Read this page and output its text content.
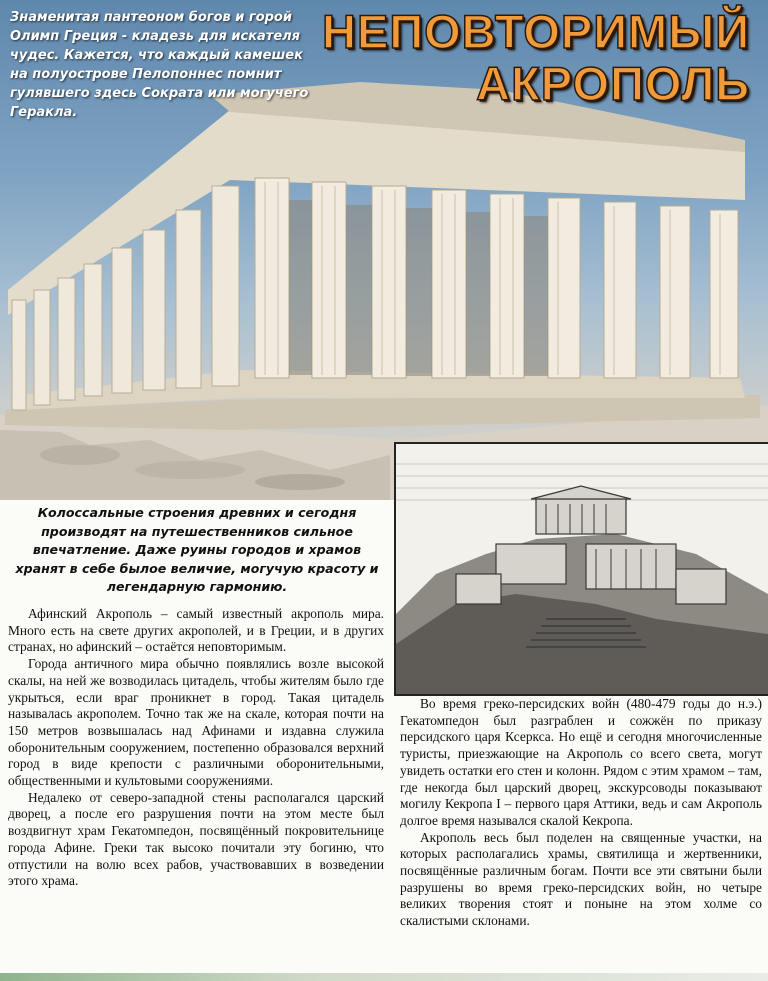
Знаменитая пантеоном богов и горой Олимп Греция - кладезь для искателя чудес. Кажется, что каждый камешек на полуострове Пелопоннес помнит гулявшего здесь Сократа или могучего Геракла.
НЕПОВТОРИМЫЙ
АКРОПОЛЬ
Колоссальные строения древних и сегодня производят на путешественников сильное впечатление. Даже руины городов и храмов хранят в себе былое величие, могучую красоту и легендарную гармонию.

Афинский Акрополь – самый известный акрополь мира. Много есть на свете других акрополей, и в Греции, и в других странах, но афинский – остаётся неповторимым.

Города античного мира обычно появлялись возле высокой скалы, на ней же возводилась цитадель, чтобы жителям было где укрыться, если враг проникнет в город. Такая цитадель называлась акрополем. Точно так же на скале, которая почти на 150 метров возвышалась над Афинами и издавна служила оборонительным сооружением, постепенно образовался верхний город в виде крепости с различными оборонительными, общественными и культовыми сооружениями.

Недалеко от северо-западной стены располагался царский дворец, а после его разрушения почти на этом месте был воздвигнут храм Гекатомпедон, посвящённый покровительнице города Афине. Греки так высоко почитали эту богиню, что отпустили на волю всех рабов, участвовавших в возведении этого храма.

Во время греко-персидских войн (480-479 годы до н.э.) Гекатомпедон был разграблен и сожжён по приказу персидского царя Ксеркса. Но ещё и сегодня многочисленные туристы, приезжающие на Акрополь со всего света, могут увидеть остатки его стен и колонн. Рядом с этим храмом – там, где некогда был царский дворец, экскурсоводы показывают могилу Кекропа I – первого царя Аттики, ведь и сам Акрополь долгое время назывался скалой Кекропа.

Акрополь весь был поделен на священные участки, на которых располагались храмы, святилища и жертвенники, посвящённые различным богам. Почти все эти святыни были разрушены во время греко-персидских войн, но четыре великих творения стоят и поныне на этом холме со скалистыми склонами.
